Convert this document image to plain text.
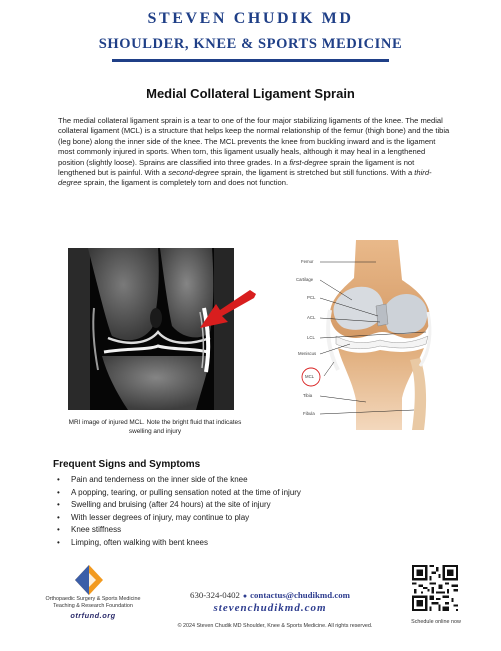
STEVEN CHUDIK MD
SHOULDER, KNEE & SPORTS MEDICINE
Medial Collateral Ligament Sprain

The medial collateral ligament sprain is a tear to one of the four major stabilizing ligaments of the knee. The medial collateral ligament (MCL) is a structure that helps keep the normal relationship of the femur (thigh bone) and the tibia (leg bone) along the inner side of the knee. The MCL prevents the knee from buckling inward and is the ligament most commonly injured in sports. When torn, this ligament usually heals, although it may heal in a lengthened position (slightly loose). Sprains are classified into three grades. In a first-degree sprain the ligament is not lengthened but is painful. With a second-degree sprain, the ligament is stretched but still functions. With a third-degree sprain, the ligament is completely torn and does not function.

MRI image of injured MCL. Note the bright fluid that indicates swelling and injury
Femur
Cartilage
PCL
ACL
LCL
Meniscus
MCL
Tibia
Fibula
Frequent Signs and Symptoms
• Pain and tenderness on the inner side of the knee
• A popping, tearing, or pulling sensation noted at the time of injury
• Swelling and bruising (after 24 hours) at the site of injury
• With lesser degrees of injury, may continue to play
• Knee stiffness
• Limping, often walking with bent knees
Orthopaedic Surgery & Sports Medicine
Teaching & Research Foundation
otrfund.org
630-324-0402 ● contactus@chudikmd.com
stevenchudikmd.com
© 2024 Steven Chudik MD Shoulder, Knee & Sports Medicine. All rights reserved.
Schedule online now
